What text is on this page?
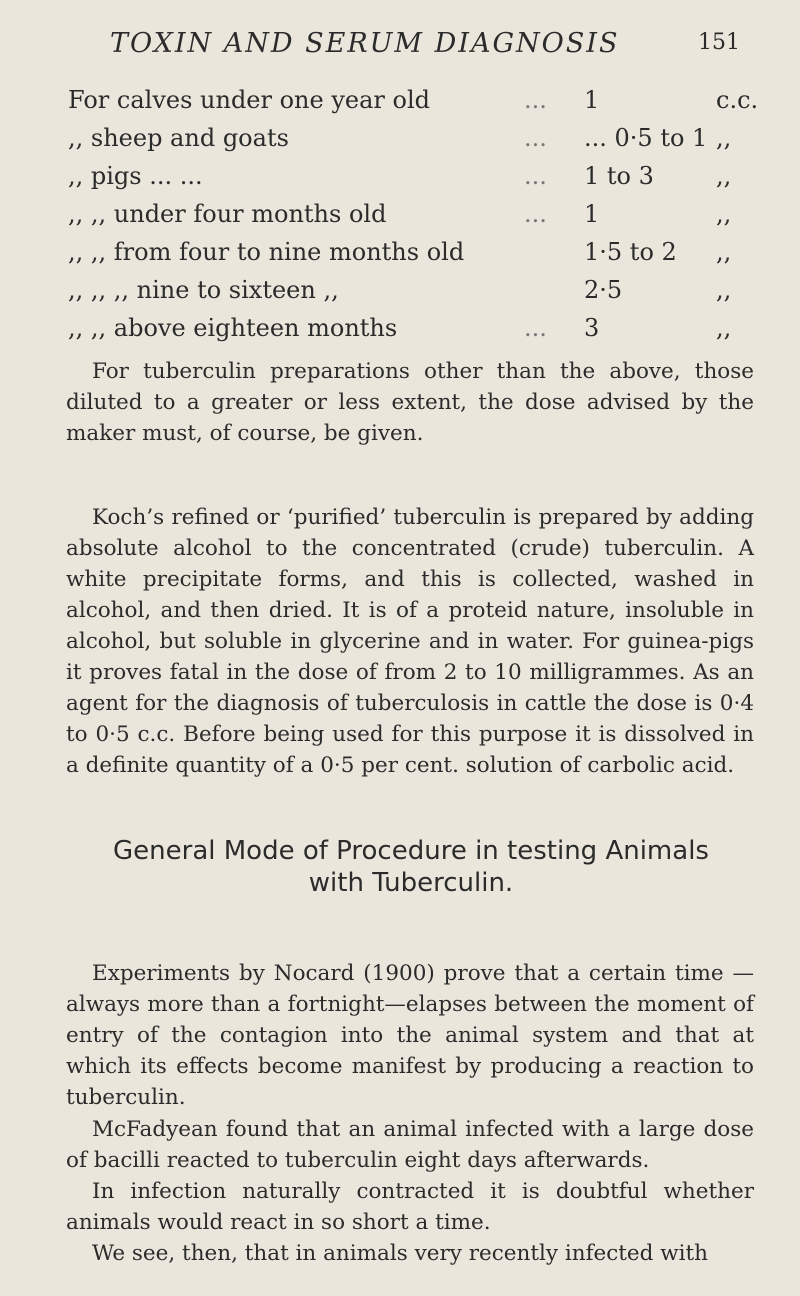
TOXIN AND SERUM DIAGNOSIS	151
For calves under one year old	... 1	c.c.
,, sheep and goats	... ... 0·5 to 1 ,,
,, pigs ... ...	... 1 to 3	,,
,, ,, under four months old	... 1	,,
,, ,, from four to nine months old	1·5 to 2 ,,
,, ,, ,, nine to sixteen ,,	2·5	,,
,, ,, above eighteen months	... 3	,,

For tuberculin preparations other than the above, those diluted to a greater or less extent, the dose advised by the maker must, of course, be given.

Koch’s refined or ‘purified’ tuberculin is prepared by adding absolute alcohol to the concentrated (crude) tuberculin. A white precipitate forms, and this is collected, washed in alcohol, and then dried. It is of a proteid nature, insoluble in alcohol, but soluble in glycerine and in water. For guinea-pigs it proves fatal in the dose of from 2 to 10 milligrammes. As an agent for the diagnosis of tuberculosis in cattle the dose is 0·4 to 0·5 c.c. Before being used for this purpose it is dissolved in a definite quantity of a 0·5 per cent. solution of carbolic acid.

General Mode of Procedure in testing Animals
with Tuberculin.

Experiments by Nocard (1900) prove that a certain time —always more than a fortnight—elapses between the moment of entry of the contagion into the animal system and that at which its effects become manifest by producing a reaction to tuberculin.

McFadyean found that an animal infected with a large dose of bacilli reacted to tuberculin eight days afterwards.

In infection naturally contracted it is doubtful whether animals would react in so short a time.

We see, then, that in animals very recently infected with
